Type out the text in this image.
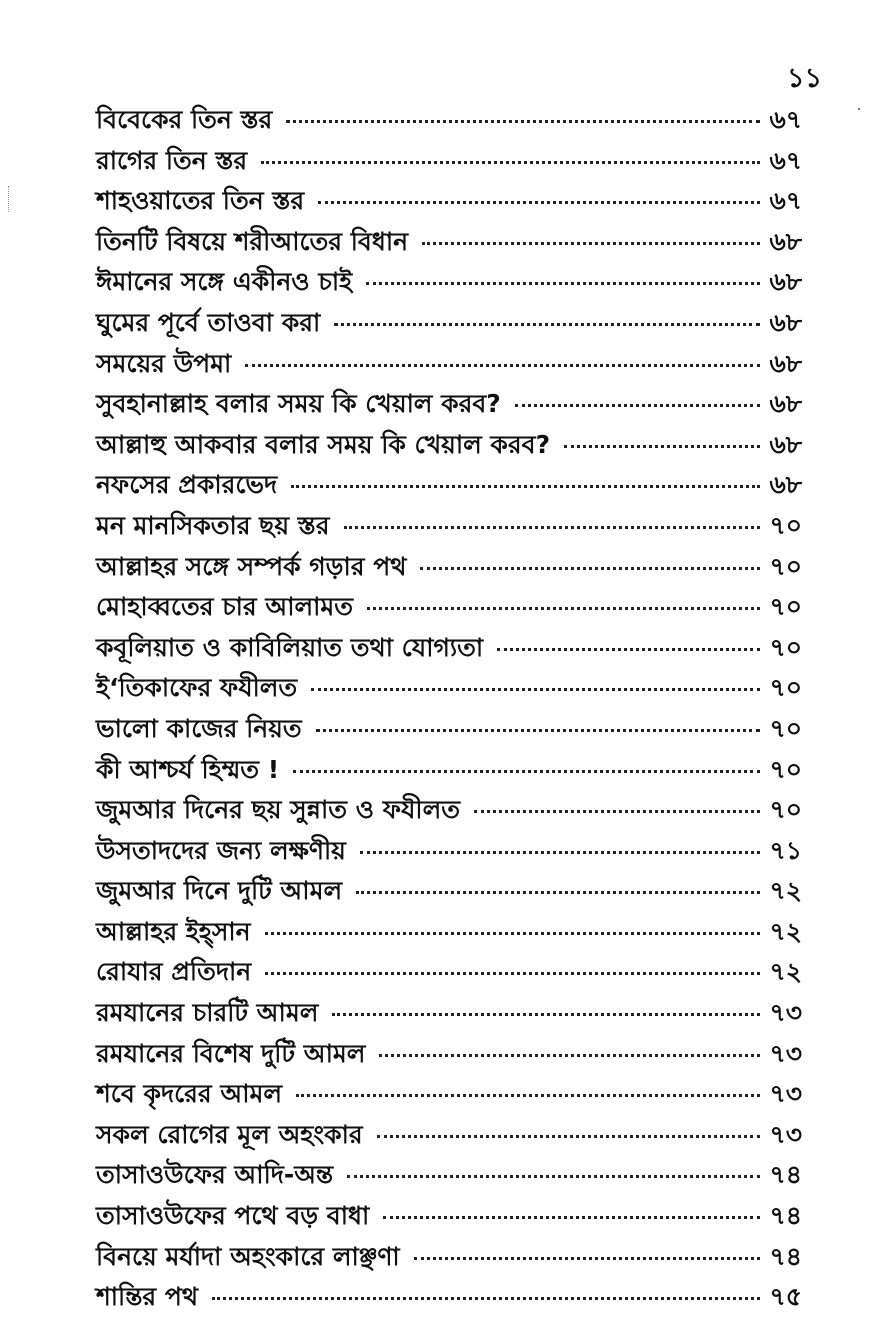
১১
বিবেকের তিন স্তর	৬৭
রাগের তিন স্তর	৬৭
শাহওয়াতের তিন স্তর	৬৭
তিনটি বিষয়ে শরীআতের বিধান	৬৮
ঈমানের সঙ্গে একীনও চাই	৬৮
ঘুমের পূর্বে তাওবা করা	৬৮
সময়ের উপমা	৬৮
সুবহানাল্লাহ বলার সময় কি খেয়াল করব?	৬৮
আল্লাহু আকবার বলার সময় কি খেয়াল করব?	৬৮
নফসের প্রকারভেদ	৬৮
মন মানসিকতার ছয় স্তর	৭০
আল্লাহর সঙ্গে সম্পর্ক গড়ার পথ	৭০
মোহাব্বতের চার আলামত	৭০
কবূলিয়াত ও কাবিলিয়াত তথা যোগ্যতা	৭০
ই‘তিকাফের ফযীলত	৭০
ভালো কাজের নিয়ত	৭০
কী আশ্চর্য হিম্মত !	৭০
জুমআর দিনের ছয় সুন্নাত ও ফযীলত	৭০
উসতাদদের জন্য লক্ষণীয়	৭১
জুমআর দিনে দুটি আমল	৭২
আল্লাহর ইহ্সান	৭২
রোযার প্রতিদান	৭২
রমযানের চারটি আমল	৭৩
রমযানের বিশেষ দুটি আমল	৭৩
শবে কৃদরের আমল	৭৩
সকল রোগের মূল অহংকার	৭৩
তাসাওউফের আদি-অন্ত	৭৪
তাসাওউফের পথে বড় বাধা	৭৪
বিনয়ে মর্যাদা অহংকারে লাঞ্ছণা	৭৪
শান্তির পথ	৭৫
